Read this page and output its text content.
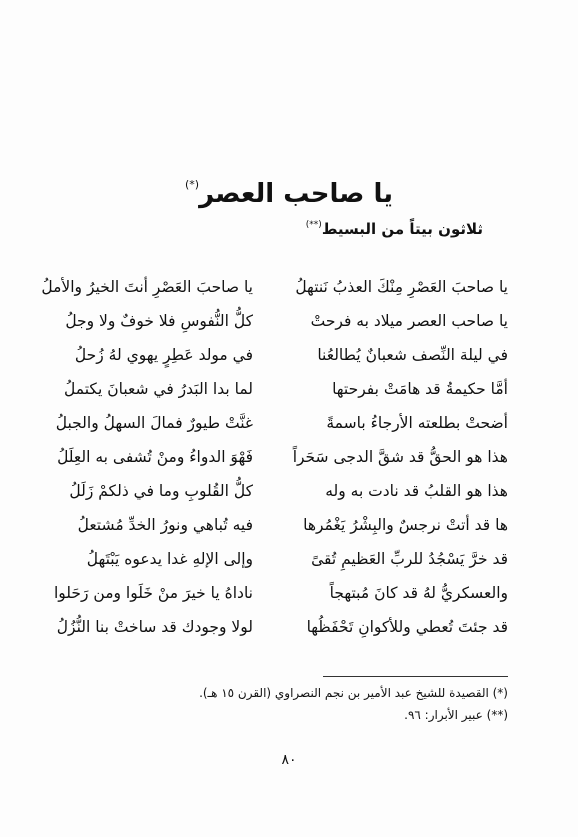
يا صاحب العصر(*)
ثلاثون بيتاً من البسيط(**)
يا صاحبَ العَصْرِ مِنْكَ العذبُ نَنتهلُ
يا صاحب العصر ميلاد به فرحتْ
في ليلة النِّصف شعبانٌ يُطالعُنا
أمَّا حكيمةُ قد هامَتْ بفرحتها
أضحتْ بطلعته الأرجاءُ باسمةً
هذا هو الحقُّ قد شقَّ الدجى سَحَراً
هذا هو القلبُ قد نادت به وله
ها قد أتتْ نرجسٌ والبِشْرُ يَغْمُرها
قد خرَّ يَسْجُدُ للربِّ العَظيمِ تُقىً
والعسكريُّ لهُ قد كانَ مُبتهجاً
قد جئتَ تُعطي وللأكوانِ تَحْفَظُها
يا صاحبَ العَصْرِ أنتَ الخيرُ والأملُ
كلُّ النُّفوسِ فلا خوفٌ ولا وجلُ
في مولد عَطِرٍ يهوي لهُ زُحلُ
لما بدا البَدرُ في شعبانَ يكتملُ
غنَّتْ طيورٌ فمالَ السهلُ والجبلُ
فَهْوَ الدواءُ ومنْ تُشفى به العِلَلُ
كلُّ القُلوبِ وما في ذلكمْ زَلَلُ
فيه تُباهي ونورُ الخدِّ مُشتعلُ
وإلى الإلهِ غدا يدعوه يَبْتَهلُ
ناداهُ يا خيرَ منْ خَلَوا ومن رَحَلوا
لولا وجودك قد ساختْ بنا النُّزُلُ
(*) القصيدة للشيخ عبد الأمير بن نجم النصراوي (القرن ١٥ هـ).
(**) عبير الأبرار: ٩٦.
٨٠
